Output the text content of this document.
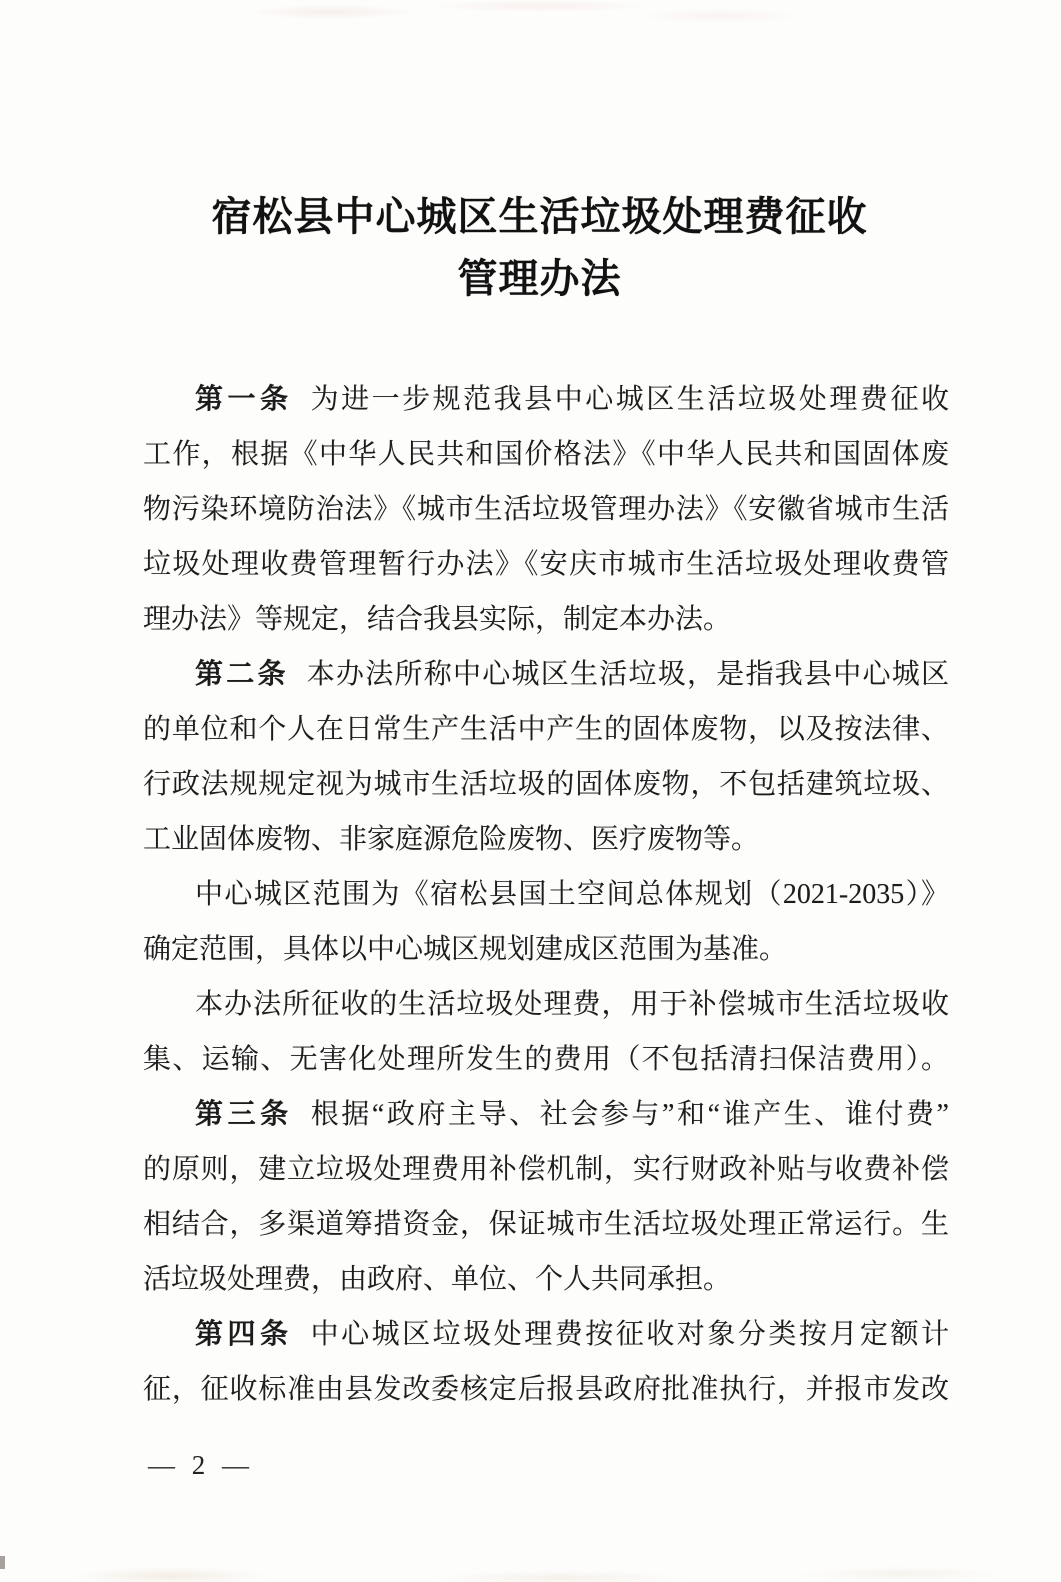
宿松县中心城区生活垃圾处理费征收
管理办法
第一条 为进一步规范我县中心城区生活垃圾处理费征收
工作，根据《中华人民共和国价格法》《中华人民共和国固体废
物污染环境防治法》《城市生活垃圾管理办法》《安徽省城市生活
垃圾处理收费管理暂行办法》《安庆市城市生活垃圾处理收费管
理办法》等规定，结合我县实际，制定本办法。
第二条 本办法所称中心城区生活垃圾，是指我县中心城区
的单位和个人在日常生产生活中产生的固体废物，以及按法律、
行政法规规定视为城市生活垃圾的固体废物，不包括建筑垃圾、
工业固体废物、非家庭源危险废物、医疗废物等。
中心城区范围为《宿松县国土空间总体规划（2021-2035）》
确定范围，具体以中心城区规划建成区范围为基准。
本办法所征收的生活垃圾处理费，用于补偿城市生活垃圾收
集、运输、无害化处理所发生的费用（不包括清扫保洁费用）。
第三条 根据“政府主导、社会参与”和“谁产生、谁付费”
的原则，建立垃圾处理费用补偿机制，实行财政补贴与收费补偿
相结合，多渠道筹措资金，保证城市生活垃圾处理正常运行。生
活垃圾处理费，由政府、单位、个人共同承担。
第四条 中心城区垃圾处理费按征收对象分类按月定额计
征，征收标准由县发改委核定后报县政府批准执行，并报市发改
— 2 —
